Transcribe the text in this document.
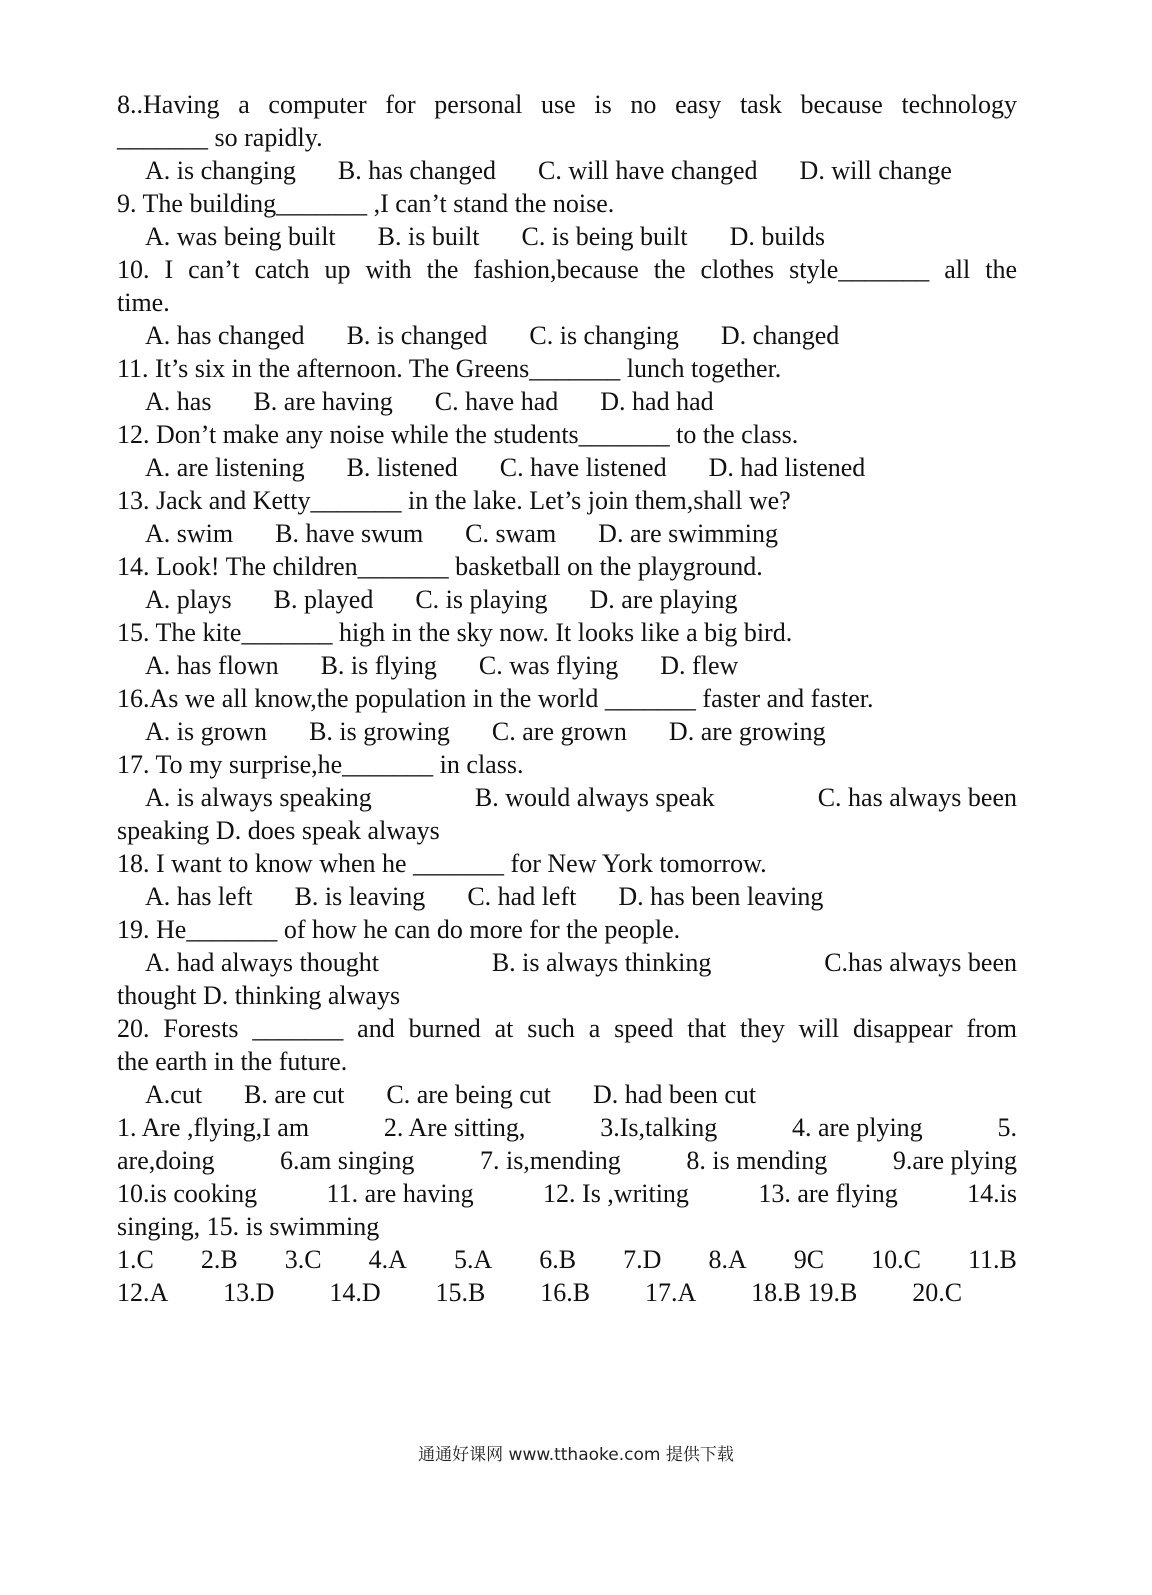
8..Having a computer for personal use is no easy task because technology
_______ so rapidly.
A. is changing B. has changed C. will have changed D. will change
9. The building_______ ,I can’t stand the noise.
A. was being built B. is built C. is being built D. builds
10. I can’t catch up with the fashion,because the clothes style_______ all the
time.
A. has changed B. is changed C. is changing D. changed
11. It’s six in the afternoon. The Greens_______ lunch together.
A. has B. are having C. have had D. had had
12. Don’t make any noise while the students_______ to the class.
A. are listening B. listened C. have listened D. had listened
13. Jack and Ketty_______ in the lake. Let’s join them,shall we?
A. swim B. have swum C. swam D. are swimming
14. Look! The children_______ basketball on the playground.
A. plays B. played C. is playing D. are playing
15. The kite_______ high in the sky now. It looks like a big bird.
A. has flown B. is flying C. was flying D. flew
16.As we all know,the population in the world _______ faster and faster.
A. is grown B. is growing C. are grown D. are growing
17. To my surprise,he_______ in class.
A. is always speaking	B. would always speak	C. has always been
speaking D. does speak always
18. I want to know when he _______ for New York tomorrow.
A. has left B. is leaving C. had left D. has been leaving
19. He_______ of how he can do more for the people.
A. had always thought	B. is always thinking	C.has always been
thought D. thinking always
20. Forests _______ and burned at such a speed that they will disappear from
the earth in the future.
A.cut B. are cut C. are being cut D. had been cut
1. Are ,flying,I am	2. Are sitting,	3.Is,talking	4. are plying	5.
are,doing	6.am singing	7. is,mending	8. is mending	9.are plying
10.is cooking	11. are having	12. Is ,writing	13. are flying	14.is
singing, 15. is swimming
1.C 2.B 3.C 4.A 5.A 6.B 7.D 8.A 9C 10.C 11.B
12.A 13.D 14.D 15.B 16.B 17.A 18.B 19.B 20.C
通通好课网 www.tthaoke.com 提供下载
